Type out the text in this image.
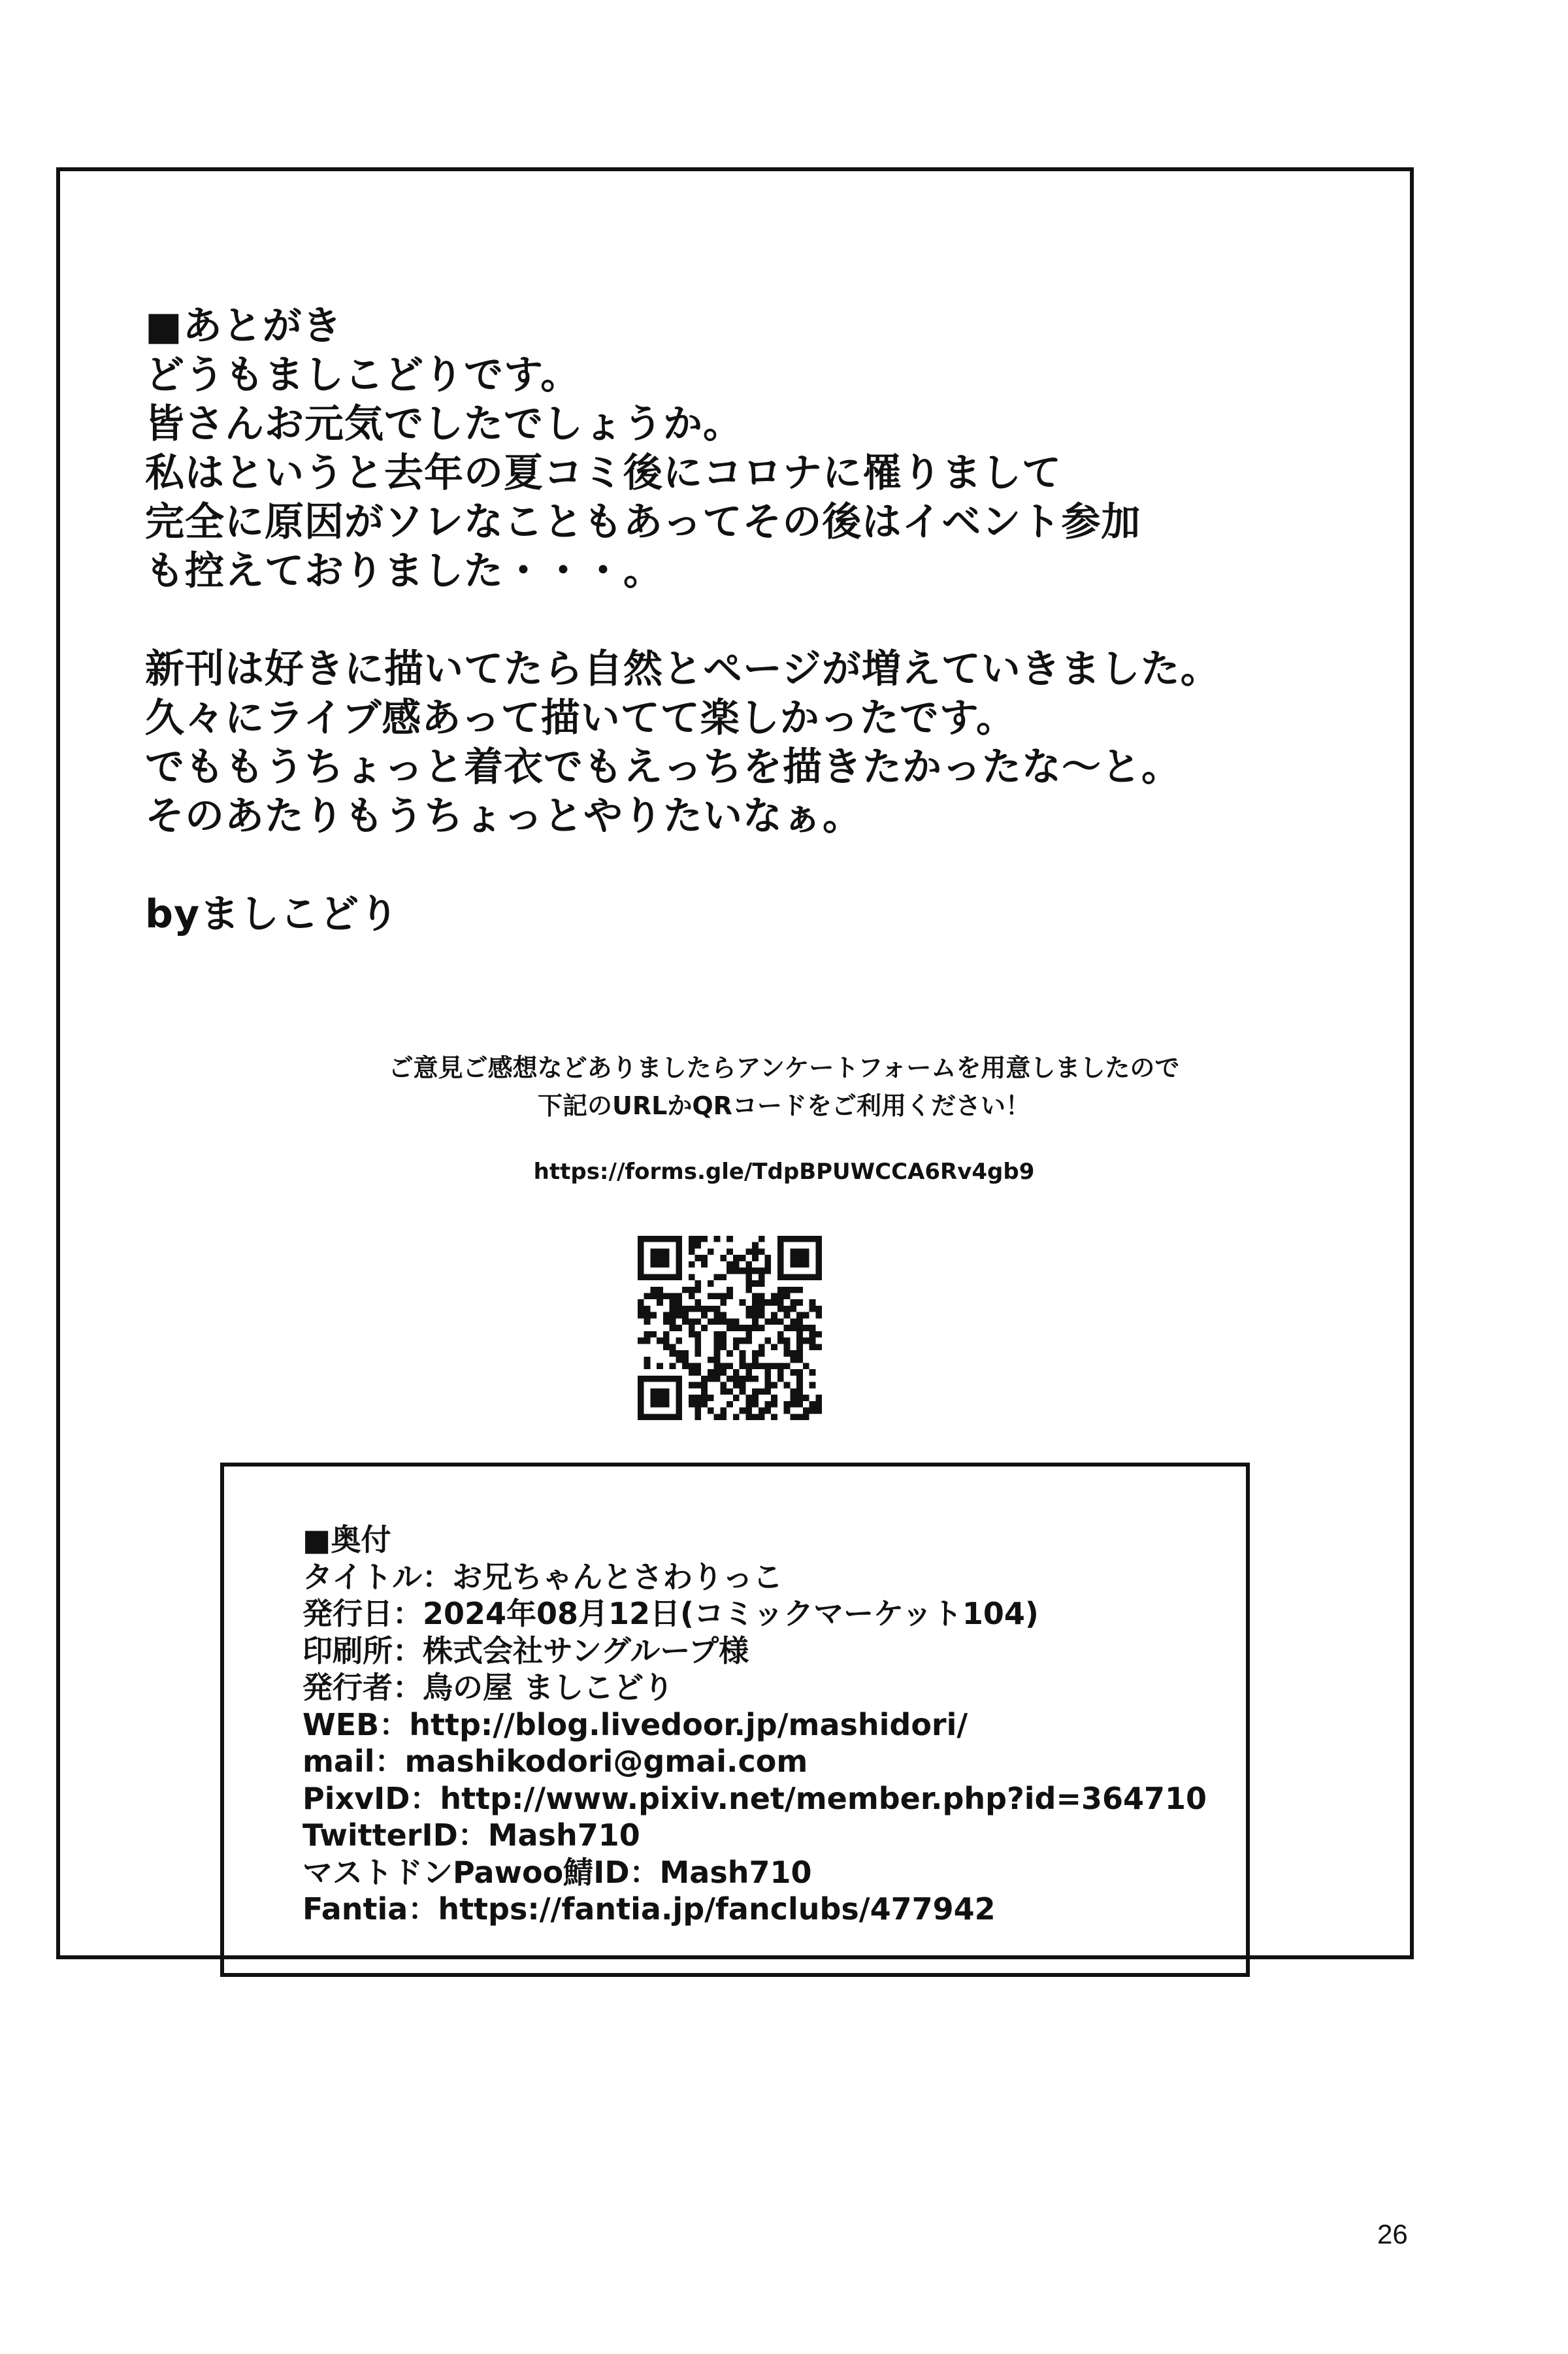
■あとがき
どうもましこどりです。
皆さんお元気でしたでしょうか。
私はというと去年の夏コミ後にコロナに罹りまして
完全に原因がソレなこともあってその後はイベント参加
も控えておりました・・・。
新刊は好きに描いてたら自然とページが増えていきました。
久々にライブ感あって描いてて楽しかったです。
でももうちょっと着衣でもえっちを描きたかったな～と。
そのあたりもうちょっとやりたいなぁ。
byましこどり
ご意見ご感想などありましたらアンケートフォームを用意しましたので
下記のURLかQRコードをご利用ください！
https://forms.gle/TdpBPUWCCA6Rv4gb9
■奥付
タイトル：お兄ちゃんとさわりっこ
発行日：2024年08月12日(コミックマーケット104)
印刷所：株式会社サングループ様
発行者：鳥の屋 ましこどり
WEB：http://blog.livedoor.jp/mashidori/
mail：mashikodori@gmai.com
PixvID：http://www.pixiv.net/member.php?id=364710
TwitterID：Mash710
マストドンPawoo鯖ID：Mash710
Fantia：https://fantia.jp/fanclubs/477942
26
